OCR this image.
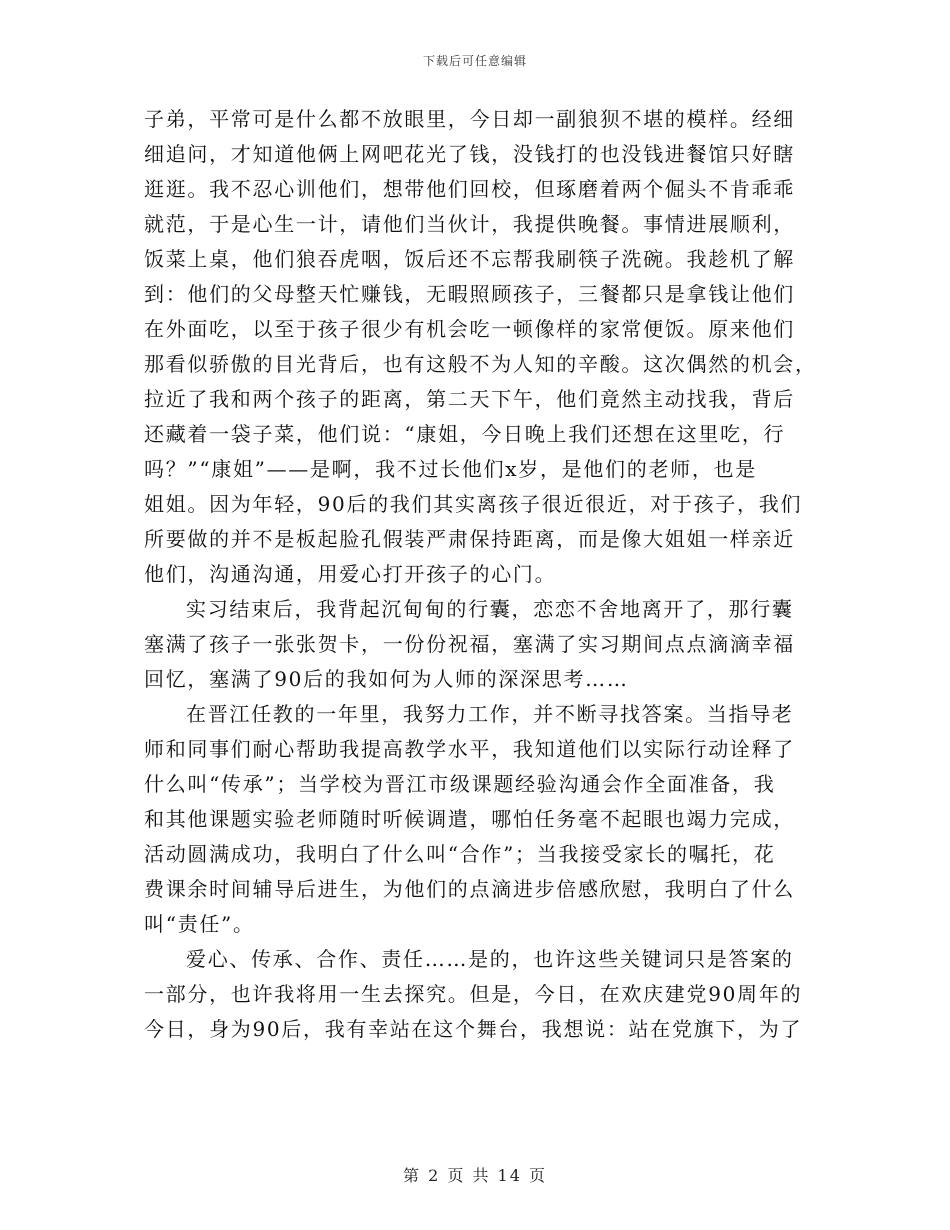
下载后可任意编辑
子弟，平常可是什么都不放眼里，今日却一副狼狈不堪的模样。经细
细追问，才知道他俩上网吧花光了钱，没钱打的也没钱进餐馆只好瞎
逛逛。我不忍心训他们，想带他们回校，但琢磨着两个倔头不肯乖乖
就范，于是心生一计，请他们当伙计，我提供晚餐。事情进展顺利，
饭菜上桌，他们狼吞虎咽，饭后还不忘帮我刷筷子洗碗。我趁机了解
到：他们的父母整天忙赚钱，无暇照顾孩子，三餐都只是拿钱让他们
在外面吃，以至于孩子很少有机会吃一顿像样的家常便饭。原来他们
那看似骄傲的目光背后，也有这般不为人知的辛酸。这次偶然的机会，
拉近了我和两个孩子的距离，第二天下午，他们竟然主动找我，背后
还藏着一袋子菜，他们说：“康姐，今日晚上我们还想在这里吃，行
吗？”“康姐”——是啊，我不过长他们x岁，是他们的老师，也是
姐姐。因为年轻，90后的我们其实离孩子很近很近，对于孩子，我们
所要做的并不是板起脸孔假装严肃保持距离，而是像大姐姐一样亲近
他们，沟通沟通，用爱心打开孩子的心门。
实习结束后，我背起沉甸甸的行囊，恋恋不舍地离开了，那行囊
塞满了孩子一张张贺卡，一份份祝福，塞满了实习期间点点滴滴幸福
回忆，塞满了90后的我如何为人师的深深思考……
在晋江任教的一年里，我努力工作，并不断寻找答案。当指导老
师和同事们耐心帮助我提高教学水平，我知道他们以实际行动诠释了
什么叫“传承”；当学校为晋江市级课题经验沟通会作全面准备，我
和其他课题实验老师随时听候调遣，哪怕任务毫不起眼也竭力完成，
活动圆满成功，我明白了什么叫“合作”；当我接受家长的嘱托，花
费课余时间辅导后进生，为他们的点滴进步倍感欣慰，我明白了什么
叫“责任”。
爱心、传承、合作、责任……是的，也许这些关键词只是答案的
一部分，也许我将用一生去探究。但是，今日，在欢庆建党90周年的
今日，身为90后，我有幸站在这个舞台，我想说：站在党旗下，为了
第 2 页 共 14 页
